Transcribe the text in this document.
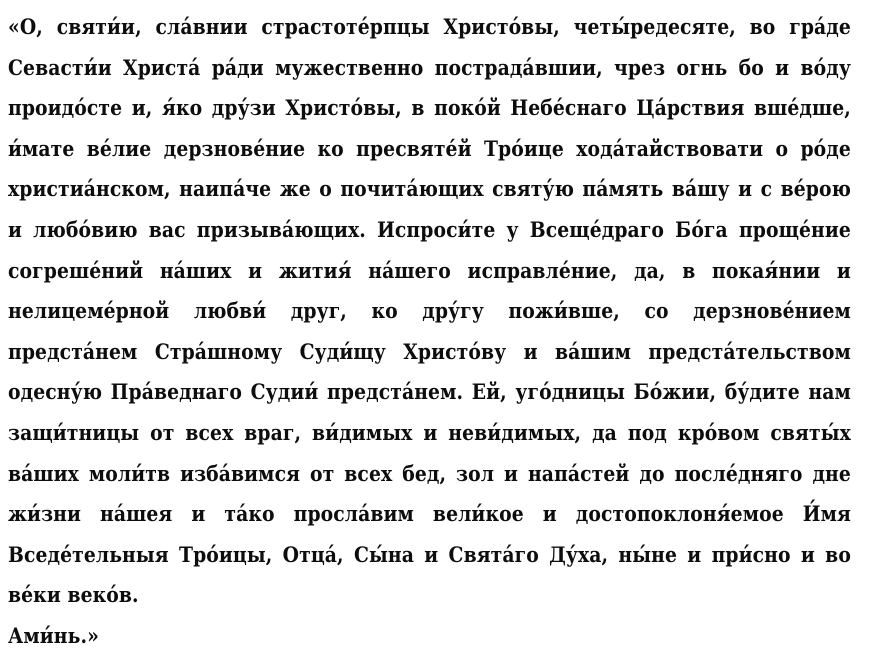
«О, святи́и, сла́внии страстоте́рпцы Христо́вы, четы́редесяте, во гра́де Севасти́и Христа́ ра́ди мужественно пострада́вшии, чрез огнь бо и во́ду проидо́сте и, я́ко дру́зи Христо́вы, в поко́й Небе́снаго Ца́рствия вше́дше, и́мате ве́лие дерзнове́ние ко пресвятéй Тро́ице хода́тайствовати о ро́де христиа́нском, наипа́че же о почита́ющих святу́ю па́мять ва́шу и с ве́рою и любо́вию вас призыва́ющих. Испроси́те у Всеще́драго Бо́га проще́ние согреше́ний на́ших и жития́ на́шего исправле́ние, да, в покая́нии и нелицеме́рной любви́ друг, ко дру́гу пожи́вше, со дерзнове́нием предста́нем Стра́шному Суди́щу Христо́ву и ва́шим предста́тельством одесну́ю Пра́веднаго Судии́ предста́нем. Ей, уго́дницы Бо́жии, бу́дите нам защи́тницы от всех враг, ви́димых и неви́димых, да под кро́вом святы́х ва́ших моли́тв изба́вимся от всех бед, зол и напа́стей до после́дняго дне жи́зни на́шея и та́ко просла́вим вели́кое и достопоклоня́емое И́мя Вседе́тельныя Тро́ицы, Отца́, Сы́на и Свята́го Ду́ха, ны́не и при́сно и во ве́ки веко́в.
Ами́нь.»
